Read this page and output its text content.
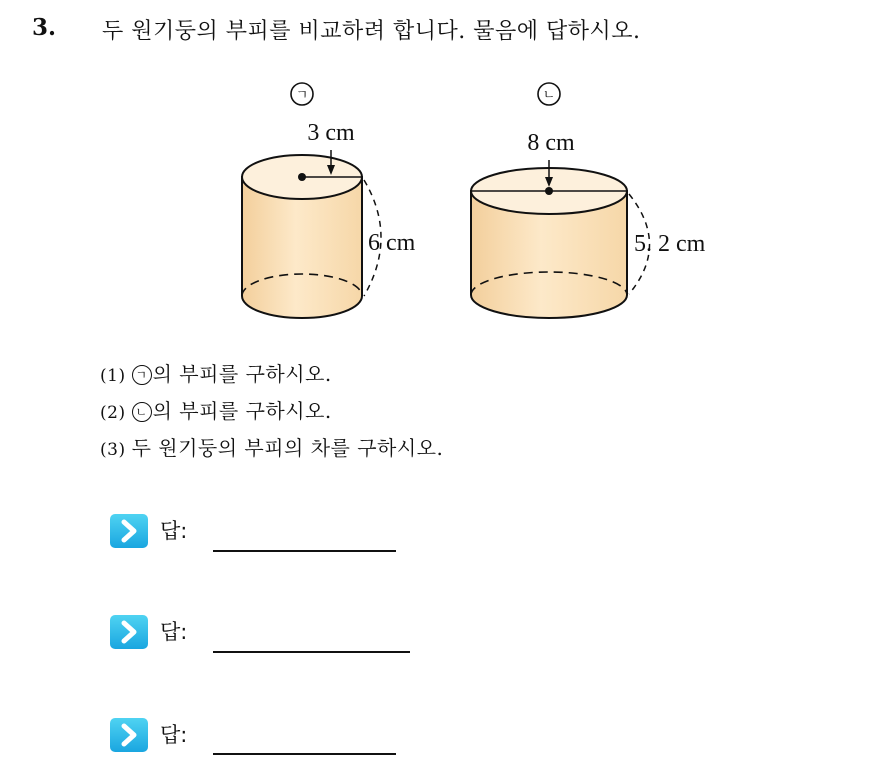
3. 두 원기둥의 부피를 비교하려 합니다. 물음에 답하시오.
ㄱ
3 cm
6 cm
ㄴ
8 cm
5. 2 cm
(1) ㄱ 의 부피를 구하시오.
(2) ㄴ 의 부피를 구하시오.
(3) 두 원기둥의 부피의 차를 구하시오.
답:
답:
답:
